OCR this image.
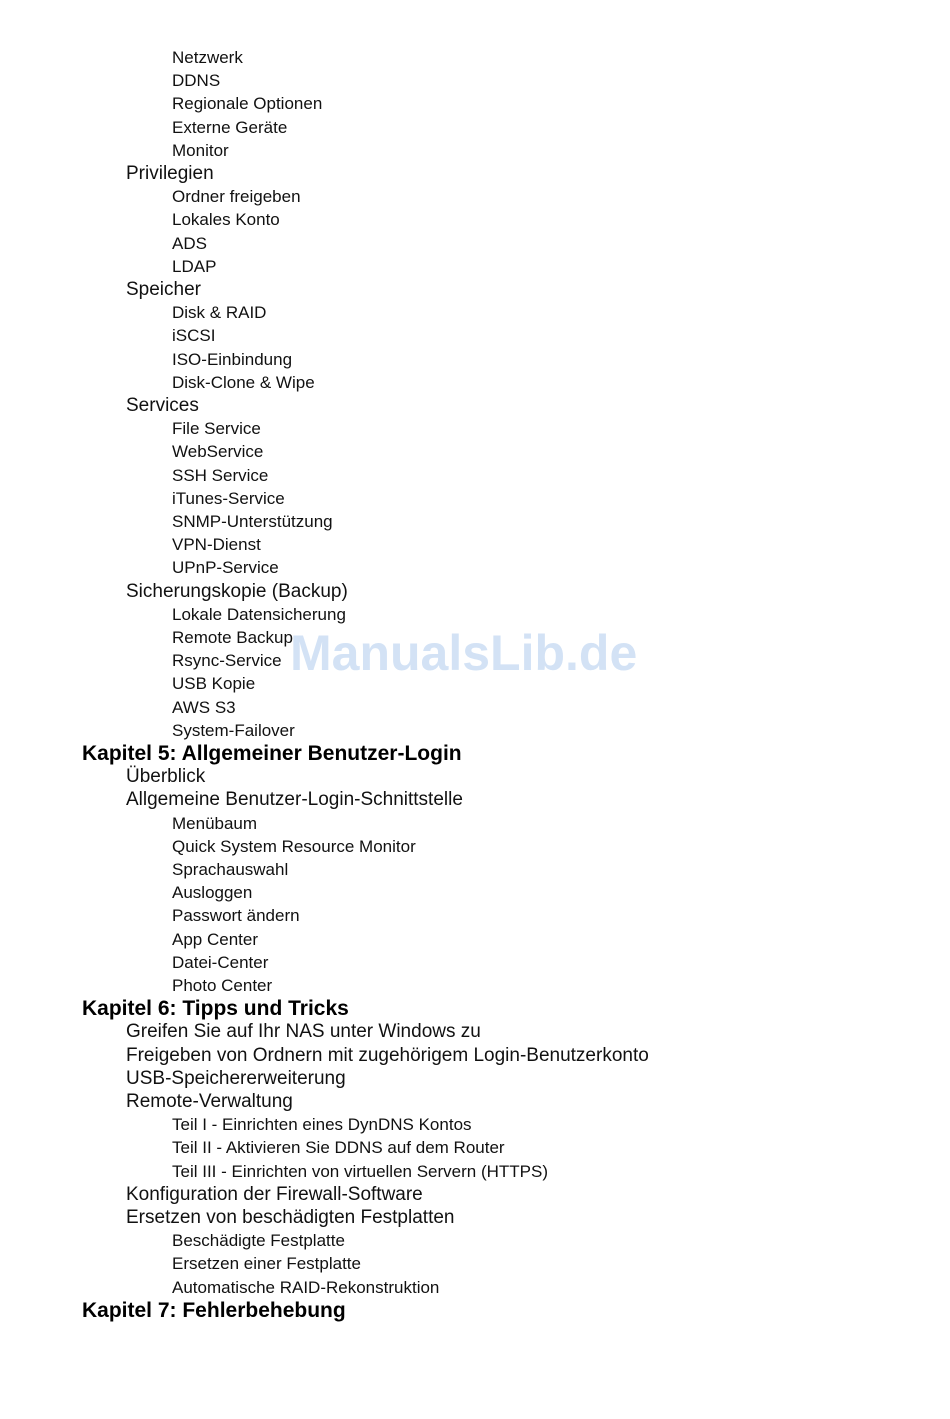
Netzwerk
DDNS
Regionale Optionen
Externe Geräte
Monitor
Privilegien
Ordner freigeben
Lokales Konto
ADS
LDAP
Speicher
Disk & RAID
iSCSI
ISO-Einbindung
Disk-Clone & Wipe
Services
File Service
WebService
SSH Service
iTunes-Service
SNMP-Unterstützung
VPN-Dienst
UPnP-Service
Sicherungskopie (Backup)
Lokale Datensicherung
Remote Backup
Rsync-Service
USB Kopie
AWS S3
System-Failover
Kapitel 5: Allgemeiner Benutzer-Login
Überblick
Allgemeine Benutzer-Login-Schnittstelle
Menübaum
Quick System Resource Monitor
Sprachauswahl
Ausloggen
Passwort ändern
App Center
Datei-Center
Photo Center
Kapitel 6: Tipps und Tricks
Greifen Sie auf Ihr NAS unter Windows zu
Freigeben von Ordnern mit zugehörigem Login-Benutzerkonto
USB-Speichererweiterung
Remote-Verwaltung
Teil I - Einrichten eines DynDNS Kontos
Teil II - Aktivieren Sie DDNS auf dem Router
Teil III - Einrichten von virtuellen Servern (HTTPS)
Konfiguration der Firewall-Software
Ersetzen von beschädigten Festplatten
Beschädigte Festplatte
Ersetzen einer Festplatte
Automatische RAID-Rekonstruktion
Kapitel 7: Fehlerbehebung
ManualsLib.de
